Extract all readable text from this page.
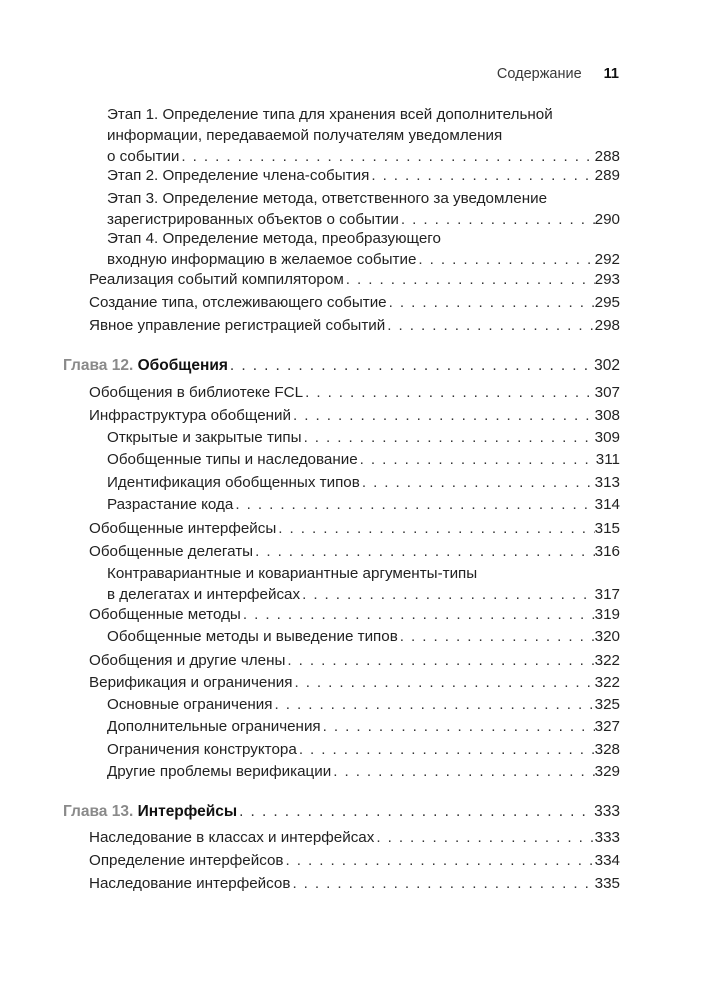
Содержание 11
Этап 1. Определение типа для хранения всей дополнительной
информации, передаваемой получателям уведомления
о событии . . .	288
Этап 2. Определение члена-события . . .	289
Этап 3. Определение метода, ответственного за уведомление
зарегистрированных объектов о событии . . .	290
Этап 4. Определение метода, преобразующего
входную информацию в желаемое событие . . .	292
Реализация событий компилятором . . .	293
Создание типа, отслеживающего событие . . .	295
Явное управление регистрацией событий . . .	298
Глава 12. Обобщения . . .	302
Обобщения в библиотеке FCL . . .	307
Инфраструктура обобщений . . .	308
Открытые и закрытые типы . . .	309
Обобщенные типы и наследование . . .	311
Идентификация обобщенных типов . . .	313
Разрастание кода . . .	314
Обобщенные интерфейсы . . .	315
Обобщенные делегаты . . .	316
Контравариантные и ковариантные аргументы-типы
в делегатах и интерфейсах . . .	317
Обобщенные методы . . .	319
Обобщенные методы и выведение типов . . .	320
Обобщения и другие члены . . .	322
Верификация и ограничения . . .	322
Основные ограничения . . .	325
Дополнительные ограничения . . .	327
Ограничения конструктора . . .	328
Другие проблемы верификации . . .	329
Глава 13. Интерфейсы . . .	333
Наследование в классах и интерфейсах . . .	333
Определение интерфейсов . . .	334
Наследование интерфейсов . . .	335
